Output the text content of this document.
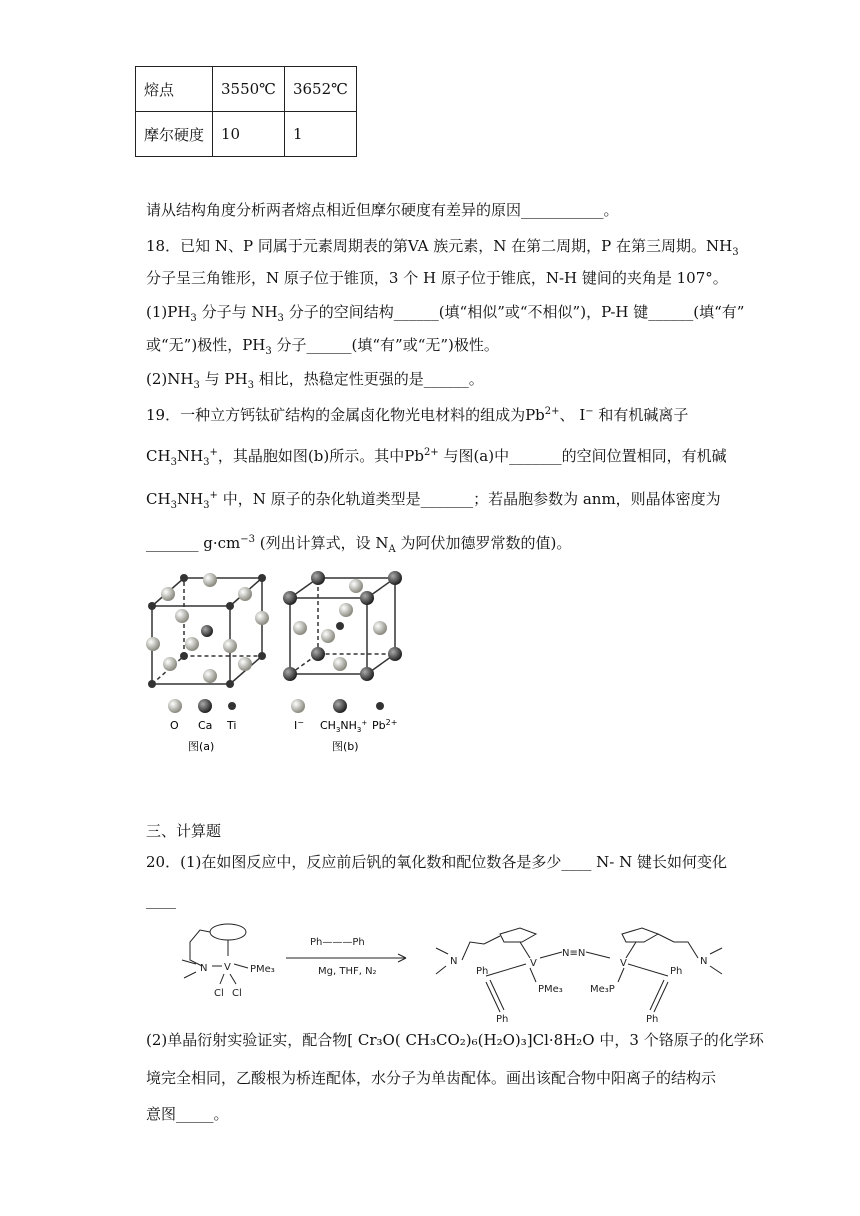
熔点	3550℃	3652℃
摩尔硬度	10	1
请从结构角度分析两者熔点相近但摩尔硬度有差异的原因___________。
18．已知 N、P 同属于元素周期表的第VA 族元素，N 在第二周期，P 在第三周期。$NH_3$
分子呈三角锥形，N 原子位于锥顶，3 个 H 原子位于锥底，N-H 键间的夹角是 107°。
$(1)PH_3$ 分子与 $NH_3$ 分子的空间结构______(填“相似”或“不相似”)，P-H 键______(填“有”
或“无”)极性，$PH_3$ 分子______(填“有”或“无”)极性。
$(2)NH_3$ 与 $PH_3$ 相比，热稳定性更强的是______。
19．一种立方钙钛矿结构的金属卤化物光电材料的组成为$Pb^{2+}$、 I− 和有机碱离子
$CH_3NH_3^+$，其晶胞如图(b)所示。其中$Pb^{2+}$ 与图(a)中_______的空间位置相同，有机碱
$CH_3NH_3^+$ 中，N 原子的杂化轨道类型是_______；若晶胞参数为 anm，则晶体密度为
_______ $g\cdot cm^{-3}$ (列出计算式，设 $N_A$ 为阿伏加德罗常数的值)。
O Ca Ti
图(a)
I− $CH_3NH_3^+$ $Pb^{2+}$
图(b)
三、计算题
20．(1)在如图反应中，反应前后钒的氧化数和配位数各是多少____ N- N 键长如何变化
____
N V PMe₃
Cl Cl
Ph———Ph
Mg, THF, N₂
N	V
N≡N
V	N
Ph
Ph
PMe₃	Me₃P
Ph
Ph
(2)单晶衍射实验证实，配合物[ Cr₃O( CH₃CO₂)₆(H₂O)₃]Cl·8H₂O 中，3 个铬原子的化学环
境完全相同，乙酸根为桥连配体，水分子为单齿配体。画出该配合物中阳离子的结构示
意图_____。
